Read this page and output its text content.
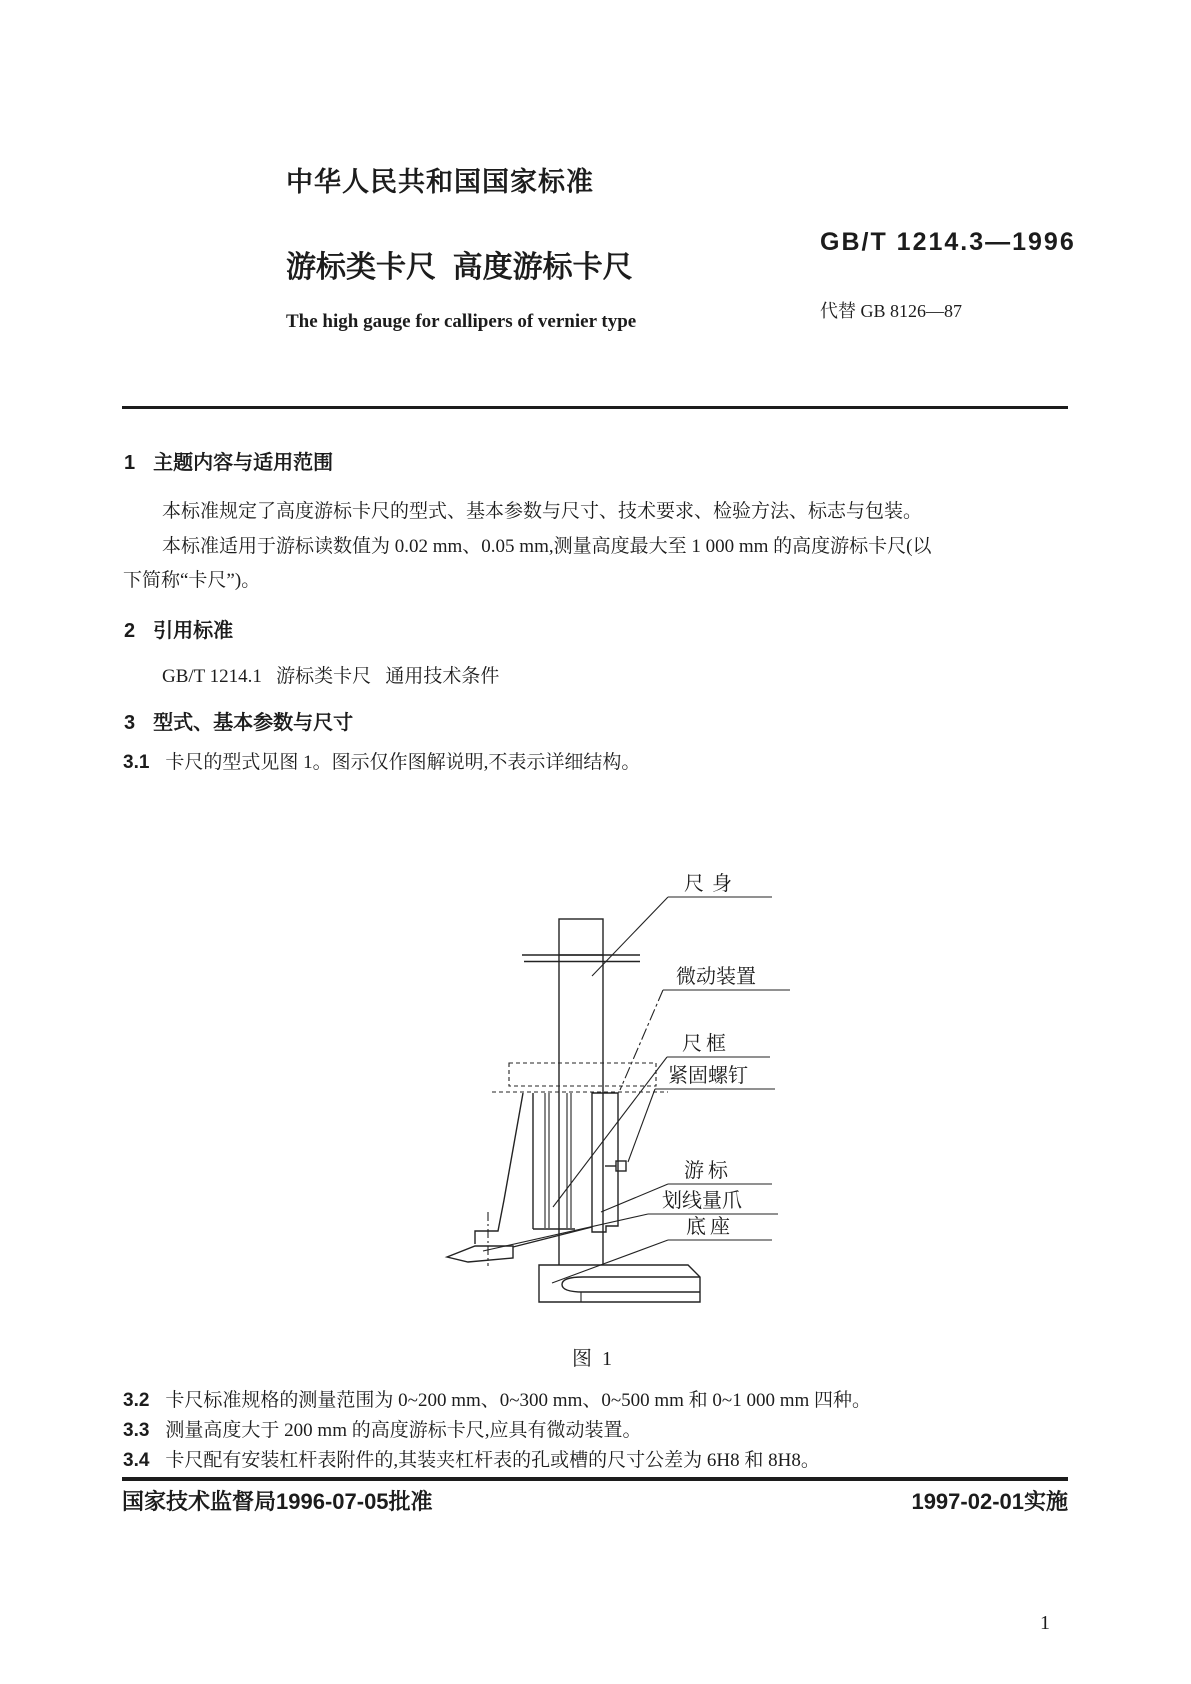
中华人民共和国国家标准
GB/T 1214.3—1996
游标类卡尺  高度游标卡尺
代替 GB 8126—87
The high gauge for callipers of vernier type
1 主题内容与适用范围
本标准规定了高度游标卡尺的型式、基本参数与尺寸、技术要求、检验方法、标志与包装。
本标准适用于游标读数值为 0.02 mm、0.05 mm,测量高度最大至 1 000 mm 的高度游标卡尺(以
下简称“卡尺”)。
2 引用标准
GB/T 1214.1   游标类卡尺   通用技术条件
3 型式、基本参数与尺寸
3.1 卡尺的型式见图 1。图示仅作图解说明,不表示详细结构。
尺身
微动装置
尺框
紧固螺钉
游标
划线量爪
底座
图  1
3.2 卡尺标准规格的测量范围为 0~200 mm、0~300 mm、0~500 mm 和 0~1 000 mm 四种。
3.3 测量高度大于 200 mm 的高度游标卡尺,应具有微动装置。
3.4 卡尺配有安装杠杆表附件的,其装夹杠杆表的孔或槽的尺寸公差为 6H8 和 8H8。
国家技术监督局1996-07-05批准	1997-02-01实施
1
